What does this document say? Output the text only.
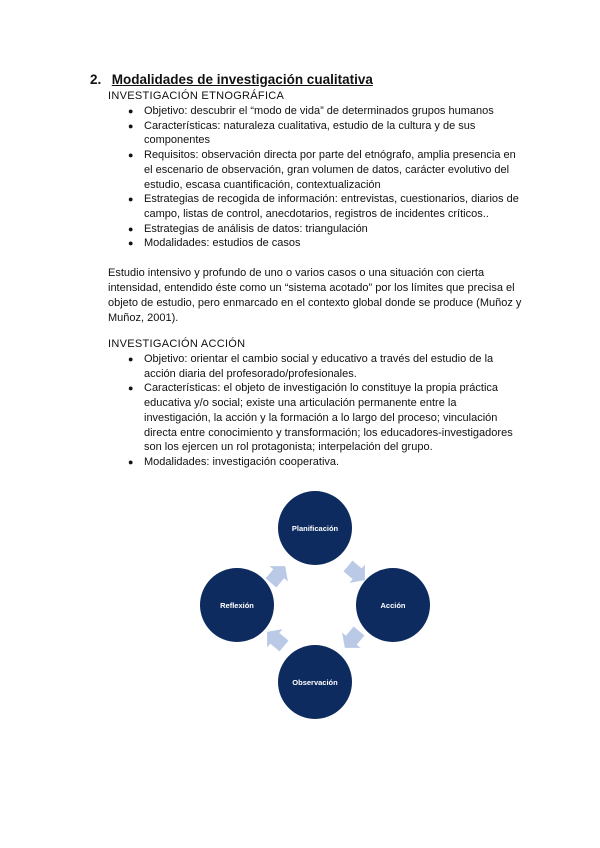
2. Modalidades de investigación cualitativa
INVESTIGACIÓN ETNOGRÁFICA
● Objetivo: descubrir el “modo de vida” de determinados grupos humanos
● Características: naturaleza cualitativa, estudio de la cultura y de sus componentes
● Requisitos: observación directa por parte del etnógrafo, amplia presencia en el escenario de observación, gran volumen de datos, carácter evolutivo del estudio, escasa cuantificación, contextualización
● Estrategias de recogida de información: entrevistas, cuestionarios, diarios de campo, listas de control, anecdotarios, registros de incidentes críticos..
● Estrategias de análisis de datos: triangulación
● Modalidades: estudios de casos
Estudio intensivo y profundo de uno o varios casos o una situación con cierta intensidad, entendido éste como un “sistema acotado” por los límites que precisa el objeto de estudio, pero enmarcado en el contexto global donde se produce (Muñoz y Muñoz, 2001).
INVESTIGACIÓN ACCIÓN
● Objetivo: orientar el cambio social y educativo a través del estudio de la acción diaria del profesorado/profesionales.
● Características: el objeto de investigación lo constituye la propia práctica educativa y/o social; existe una articulación permanente entre la investigación, la acción y la formación a lo largo del proceso; vinculación directa entre conocimiento y transformación; los educadores-investigadores son los ejercen un rol protagonista; interpelación del grupo.
● Modalidades: investigación cooperativa.
Planificación
Acción
Observación
Reflexión
